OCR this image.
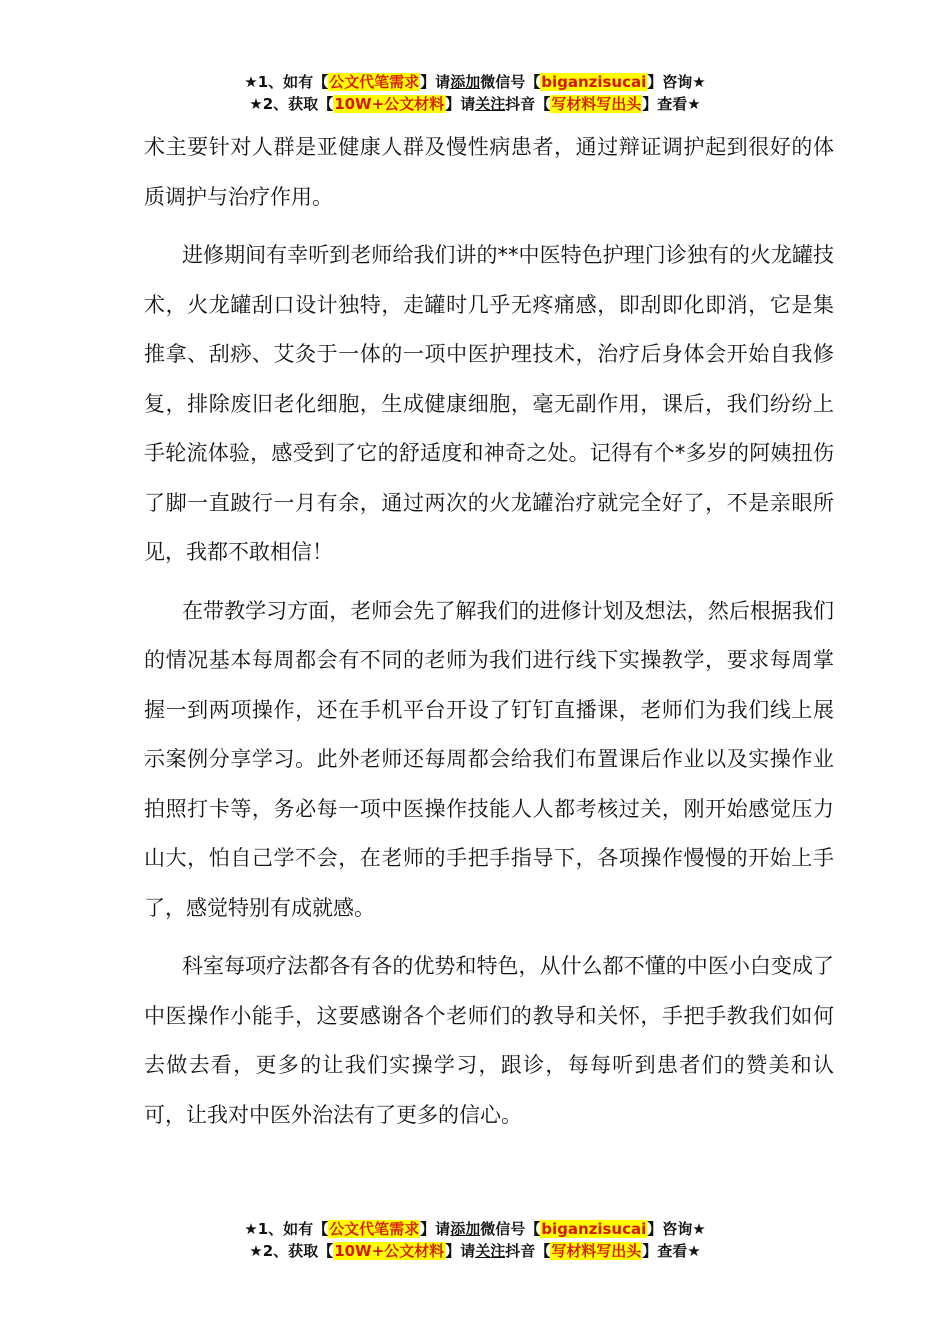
★1、如有【公文代笔需求】请添加微信号【biganzisucai】咨询★
★2、获取【10W+公文材料】请关注抖音【写材料写出头】查看★

术主要针对人群是亚健康人群及慢性病患者，通过辩证调护起到很好的体质调护与治疗作用。

进修期间有幸听到老师给我们讲的**中医特色护理门诊独有的火龙罐技术，火龙罐刮口设计独特，走罐时几乎无疼痛感，即刮即化即消，它是集推拿、刮痧、艾灸于一体的一项中医护理技术，治疗后身体会开始自我修复，排除废旧老化细胞，生成健康细胞，毫无副作用，课后，我们纷纷上手轮流体验，感受到了它的舒适度和神奇之处。记得有个*多岁的阿姨扭伤了脚一直跛行一月有余，通过两次的火龙罐治疗就完全好了，不是亲眼所见，我都不敢相信！

在带教学习方面，老师会先了解我们的进修计划及想法，然后根据我们的情况基本每周都会有不同的老师为我们进行线下实操教学，要求每周掌握一到两项操作，还在手机平台开设了钉钉直播课，老师们为我们线上展示案例分享学习。此外老师还每周都会给我们布置课后作业以及实操作业拍照打卡等，务必每一项中医操作技能人人都考核过关，刚开始感觉压力山大，怕自己学不会，在老师的手把手指导下，各项操作慢慢的开始上手了，感觉特别有成就感。

科室每项疗法都各有各的优势和特色，从什么都不懂的中医小白变成了中医操作小能手，这要感谢各个老师们的教导和关怀，手把手教我们如何去做去看，更多的让我们实操学习，跟诊，每每听到患者们的赞美和认可，让我对中医外治法有了更多的信心。

★1、如有【公文代笔需求】请添加微信号【biganzisucai】咨询★
★2、获取【10W+公文材料】请关注抖音【写材料写出头】查看★
